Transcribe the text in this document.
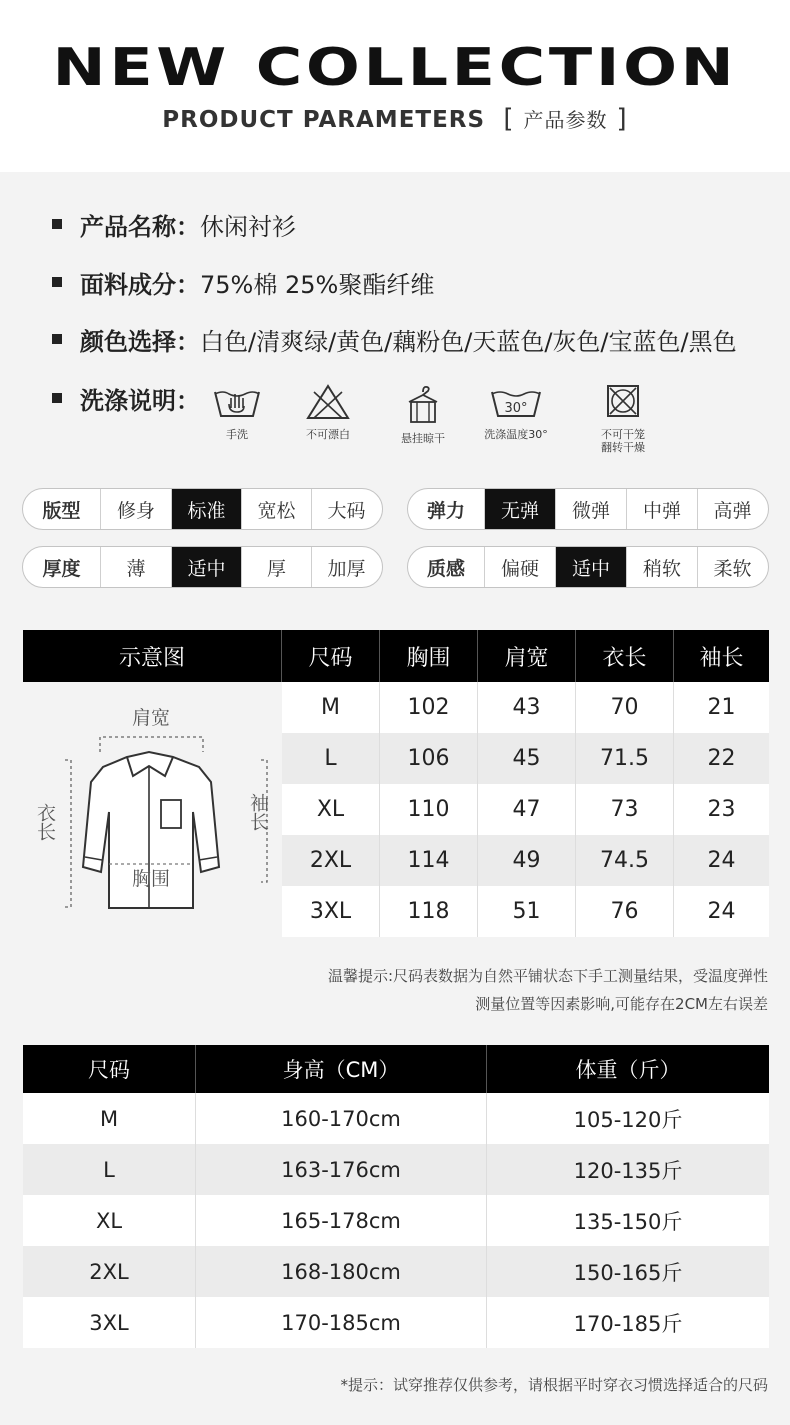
NEW COLLECTION
PRODUCT PARAMETERS  [ 产品参数 ]
产品名称： 休闲衬衫
面料成分： 75%棉 25%聚酯纤维
颜色选择： 白色/清爽绿/黄色/藕粉色/天蓝色/灰色/宝蓝色/黑色
洗涤说明：
手洗	不可漂白	悬挂晾干
30°
洗涤温度30°	不可干笼
翻转干燥
版型	修身	标准	宽松	大码	弹力	无弹	微弹	中弹	高弹
厚度	薄	适中	厚	加厚	质感	偏硬	适中	稍软	柔软
示意图	尺码	胸围	肩宽	衣长	袖长
肩宽
胸围
衣长	袖长
M	102	43	70	21
L	106	45	71.5	22
XL	110	47	73	23
2XL	114	49	74.5	24
3XL	118	51	76	24
温馨提示:尺码表数据为自然平铺状态下手工测量结果，受温度弹性
测量位置等因素影响,可能存在2CM左右误差
尺码	身高（CM）	体重（斤）
M	160-170cm	105-120斤
L	163-176cm	120-135斤
XL	165-178cm	135-150斤
2XL	168-180cm	150-165斤
3XL	170-185cm	170-185斤
*提示：试穿推荐仅供参考，请根据平时穿衣习惯选择适合的尺码
